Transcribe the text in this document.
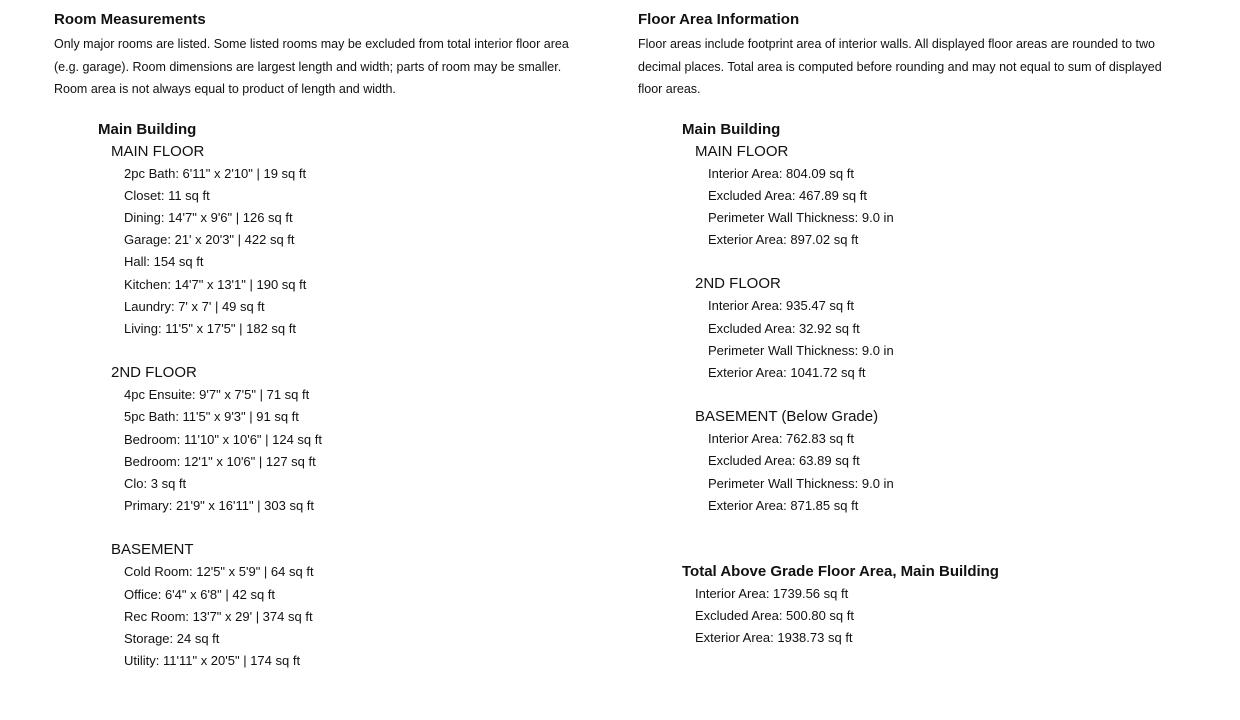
Room Measurements
Only major rooms are listed. Some listed rooms may be excluded from total interior floor area
(e.g. garage). Room dimensions are largest length and width; parts of room may be smaller.
Room area is not always equal to product of length and width.
Main Building
MAIN FLOOR
2pc Bath: 6'11" x 2'10" | 19 sq ft
Closet: 11 sq ft
Dining: 14'7" x 9'6" | 126 sq ft
Garage: 21' x 20'3" | 422 sq ft
Hall: 154 sq ft
Kitchen: 14'7" x 13'1" | 190 sq ft
Laundry: 7' x 7' | 49 sq ft
Living: 11'5" x 17'5" | 182 sq ft
2ND FLOOR
4pc Ensuite: 9'7" x 7'5" | 71 sq ft
5pc Bath: 11'5" x 9'3" | 91 sq ft
Bedroom: 11'10" x 10'6" | 124 sq ft
Bedroom: 12'1" x 10'6" | 127 sq ft
Clo: 3 sq ft
Primary: 21'9" x 16'11" | 303 sq ft
BASEMENT
Cold Room: 12'5" x 5'9" | 64 sq ft
Office: 6'4" x 6'8" | 42 sq ft
Rec Room: 13'7" x 29' | 374 sq ft
Storage: 24 sq ft
Utility: 11'11" x 20'5" | 174 sq ft
Floor Area Information
Floor areas include footprint area of interior walls. All displayed floor areas are rounded to two
decimal places. Total area is computed before rounding and may not equal to sum of displayed
floor areas.
Main Building
MAIN FLOOR
Interior Area: 804.09 sq ft
Excluded Area: 467.89 sq ft
Perimeter Wall Thickness: 9.0 in
Exterior Area: 897.02 sq ft
2ND FLOOR
Interior Area: 935.47 sq ft
Excluded Area: 32.92 sq ft
Perimeter Wall Thickness: 9.0 in
Exterior Area: 1041.72 sq ft
BASEMENT (Below Grade)
Interior Area: 762.83 sq ft
Excluded Area: 63.89 sq ft
Perimeter Wall Thickness: 9.0 in
Exterior Area: 871.85 sq ft
Total Above Grade Floor Area, Main Building
Interior Area: 1739.56 sq ft
Excluded Area: 500.80 sq ft
Exterior Area: 1938.73 sq ft
